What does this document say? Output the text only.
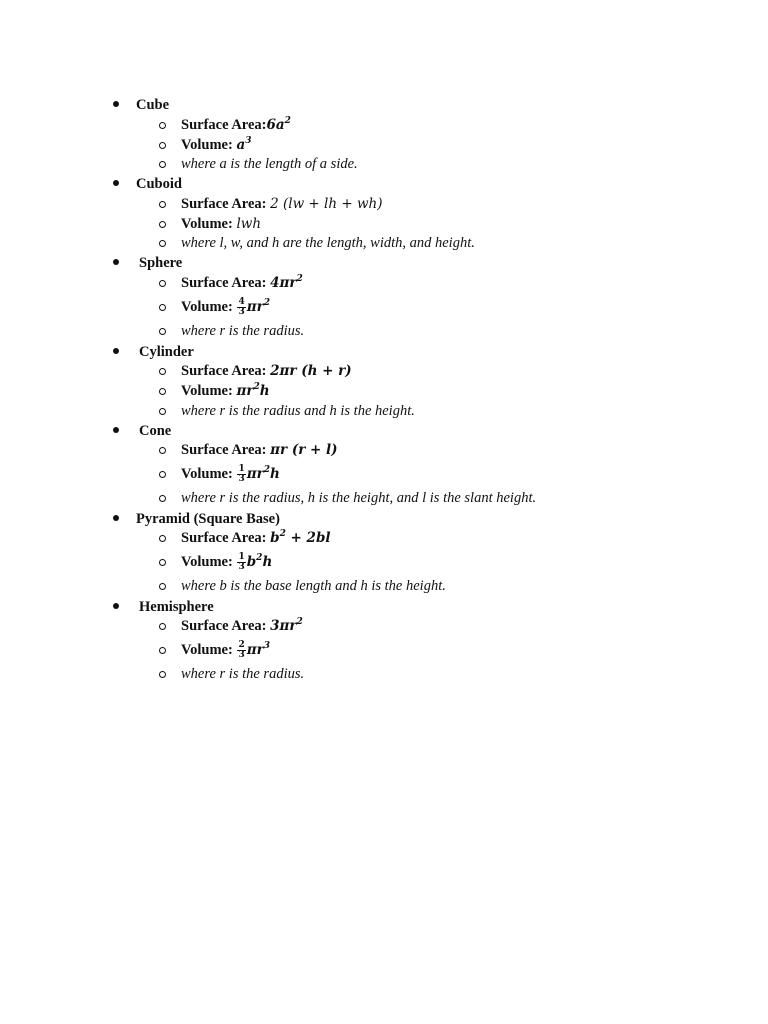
Cube
Surface $Area:6a^2$
Volume: $a^3$
where a is the length of a side.
Cuboid
Surface Area: 2 (lw + lh + wh)
Volume: lwh
where l, w, and h are the length, width, and height.
Sphere
Surface Area: $4\pi r^2$
Volume: $\frac{4}{3} \pi r^2$
where r is the radius.
Cylinder
Surface Area: 2πr (h + r)
Volume: $\pi r^2h$
where r is the radius and h is the height.
Cone
Surface Area: πr (r + l)
Volume: $\frac{1}{3} \pi r^2h$
where r is the radius, h is the height, and l is the slant height.
Pyramid (Square Base)
Surface Area: $b^2 + 2bl$
Volume: $\frac{1}{3} b^2h$
where b is the base length and h is the height.
Hemisphere
Surface Area: $3\pi r^2$
Volume: $\frac{2}{3} \pi r^3$
where r is the radius.
